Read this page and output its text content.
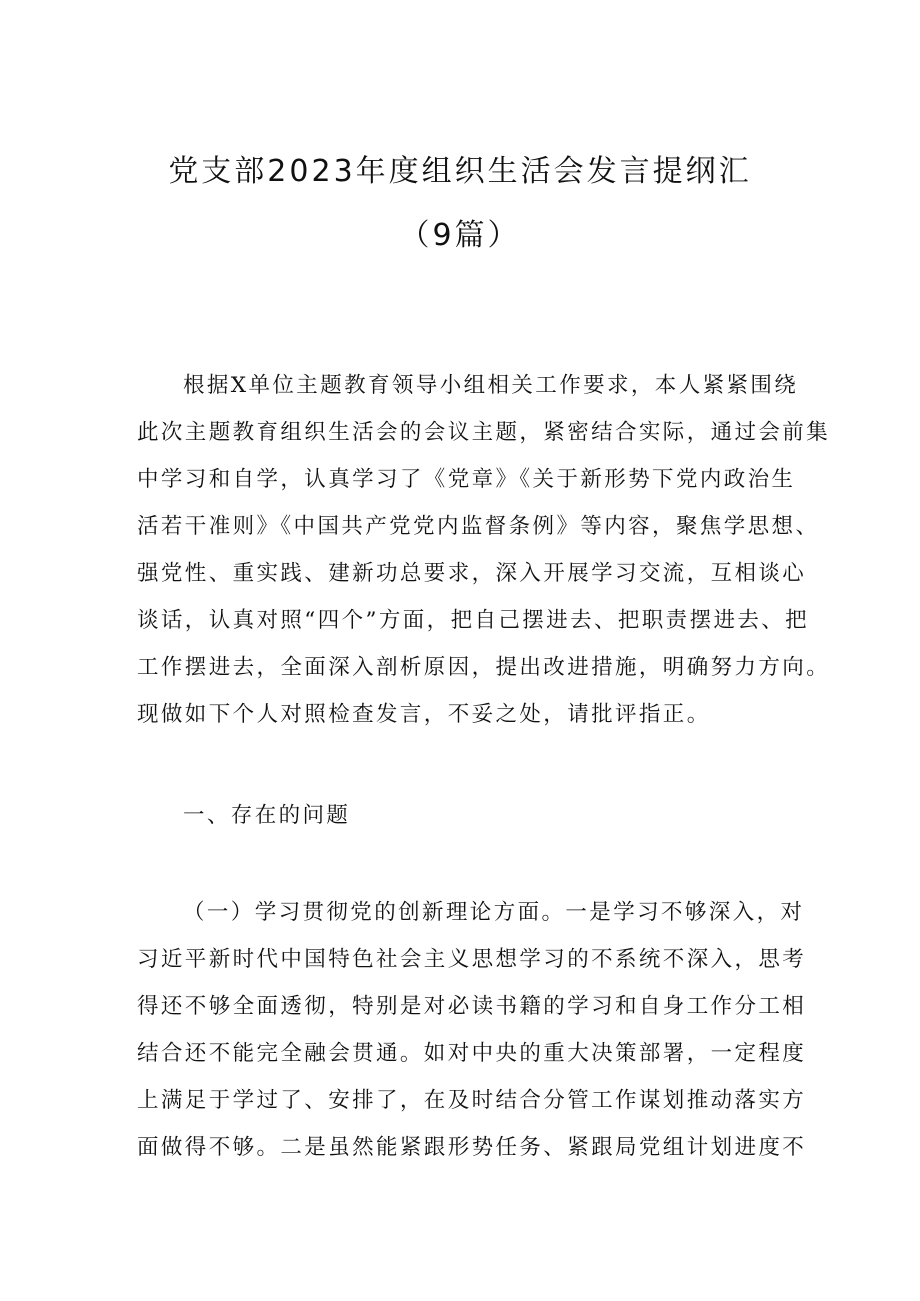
党支部2023年度组织生活会发言提纲汇
（9篇）
根据X单位主题教育领导小组相关工作要求，本人紧紧围绕
此次主题教育组织生活会的会议主题，紧密结合实际，通过会前集
中学习和自学，认真学习了《党章》《关于新形势下党内政治生
活若干准则》《中国共产党党内监督条例》等内容，聚焦学思想、
强党性、重实践、建新功总要求，深入开展学习交流，互相谈心
谈话，认真对照“四个”方面，把自己摆进去、把职责摆进去、把
工作摆进去，全面深入剖析原因，提出改进措施，明确努力方向。
现做如下个人对照检查发言，不妥之处，请批评指正。
一、存在的问题
（一）学习贯彻党的创新理论方面。一是学习不够深入，对
习近平新时代中国特色社会主义思想学习的不系统不深入，思考
得还不够全面透彻，特别是对必读书籍的学习和自身工作分工相
结合还不能完全融会贯通。如对中央的重大决策部署，一定程度
上满足于学过了、安排了，在及时结合分管工作谋划推动落实方
面做得不够。二是虽然能紧跟形势任务、紧跟局党组计划进度不
